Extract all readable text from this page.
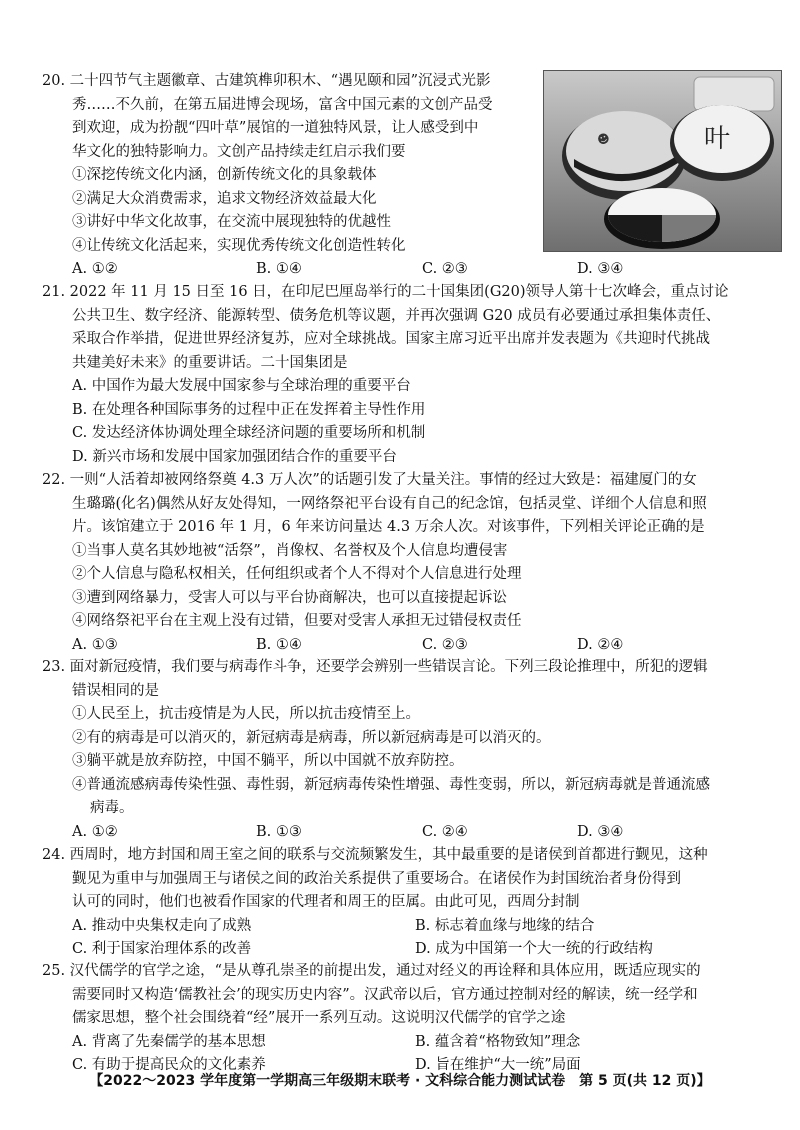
20. 二十四节气主题徽章、古建筑榫卯积木、“遇见颐和园”沉浸式光影
秀……不久前，在第五届进博会现场，富含中国元素的文创产品受
到欢迎，成为扮靓“四叶草”展馆的一道独特风景，让人感受到中
华文化的独特影响力。文创产品持续走红启示我们要
①深挖传统文化内涵，创新传统文化的具象载体
②满足大众消费需求，追求文物经济效益最大化
③讲好中华文化故事，在交流中展现独特的优越性
④让传统文化活起来，实现优秀传统文化创造性转化
A. ①②	B. ①④	C. ②③	D. ③④
☻	叶
21. 2022 年 11 月 15 日至 16 日，在印尼巴厘岛举行的二十国集团(G20)领导人第十七次峰会，重点讨论
公共卫生、数字经济、能源转型、债务危机等议题，并再次强调 G20 成员有必要通过承担集体责任、
采取合作举措，促进世界经济复苏，应对全球挑战。国家主席习近平出席并发表题为《共迎时代挑战
共建美好未来》的重要讲话。二十国集团是
A. 中国作为最大发展中国家参与全球治理的重要平台
B. 在处理各种国际事务的过程中正在发挥着主导性作用
C. 发达经济体协调处理全球经济问题的重要场所和机制
D. 新兴市场和发展中国家加强团结合作的重要平台
22. 一则“人活着却被网络祭奠 4.3 万人次”的话题引发了大量关注。事情的经过大致是：福建厦门的女
生璐璐(化名)偶然从好友处得知，一网络祭祀平台设有自己的纪念馆，包括灵堂、详细个人信息和照
片。该馆建立于 2016 年 1 月，6 年来访问量达 4.3 万余人次。对该事件，下列相关评论正确的是
①当事人莫名其妙地被“活祭”，肖像权、名誉权及个人信息均遭侵害
②个人信息与隐私权相关，任何组织或者个人不得对个人信息进行处理
③遭到网络暴力，受害人可以与平台协商解决，也可以直接提起诉讼
④网络祭祀平台在主观上没有过错，但要对受害人承担无过错侵权责任
A. ①③	B. ①④	C. ②③	D. ②④
23. 面对新冠疫情，我们要与病毒作斗争，还要学会辨别一些错误言论。下列三段论推理中，所犯的逻辑
错误相同的是
①人民至上，抗击疫情是为人民，所以抗击疫情至上。
②有的病毒是可以消灭的，新冠病毒是病毒，所以新冠病毒是可以消灭的。
③躺平就是放弃防控，中国不躺平，所以中国就不放弃防控。
④普通流感病毒传染性强、毒性弱，新冠病毒传染性增强、毒性变弱，所以，新冠病毒就是普通流感
病毒。
A. ①②	B. ①③	C. ②④	D. ③④
24. 西周时，地方封国和周王室之间的联系与交流频繁发生，其中最重要的是诸侯到首都进行觐见，这种
觐见为重申与加强周王与诸侯之间的政治关系提供了重要场合。在诸侯作为封国统治者身份得到
认可的同时，他们也被看作国家的代理者和周王的臣属。由此可见，西周分封制
A. 推动中央集权走向了成熟	B. 标志着血缘与地缘的结合
C. 利于国家治理体系的改善	D. 成为中国第一个大一统的行政结构
25. 汉代儒学的官学之途，“是从尊孔崇圣的前提出发，通过对经义的再诠释和具体应用，既适应现实的
需要同时又构造‘儒教社会’的现实历史内容”。汉武帝以后，官方通过控制对经的解读，统一经学和
儒家思想，整个社会围绕着“经”展开一系列互动。这说明汉代儒学的官学之途
A. 背离了先秦儒学的基本思想	B. 蕴含着“格物致知”理念
C. 有助于提高民众的文化素养	D. 旨在维护“大一统”局面
【2022～2023 学年度第一学期高三年级期末联考 · 文科综合能力测试试卷　第 5 页(共 12 页)】
